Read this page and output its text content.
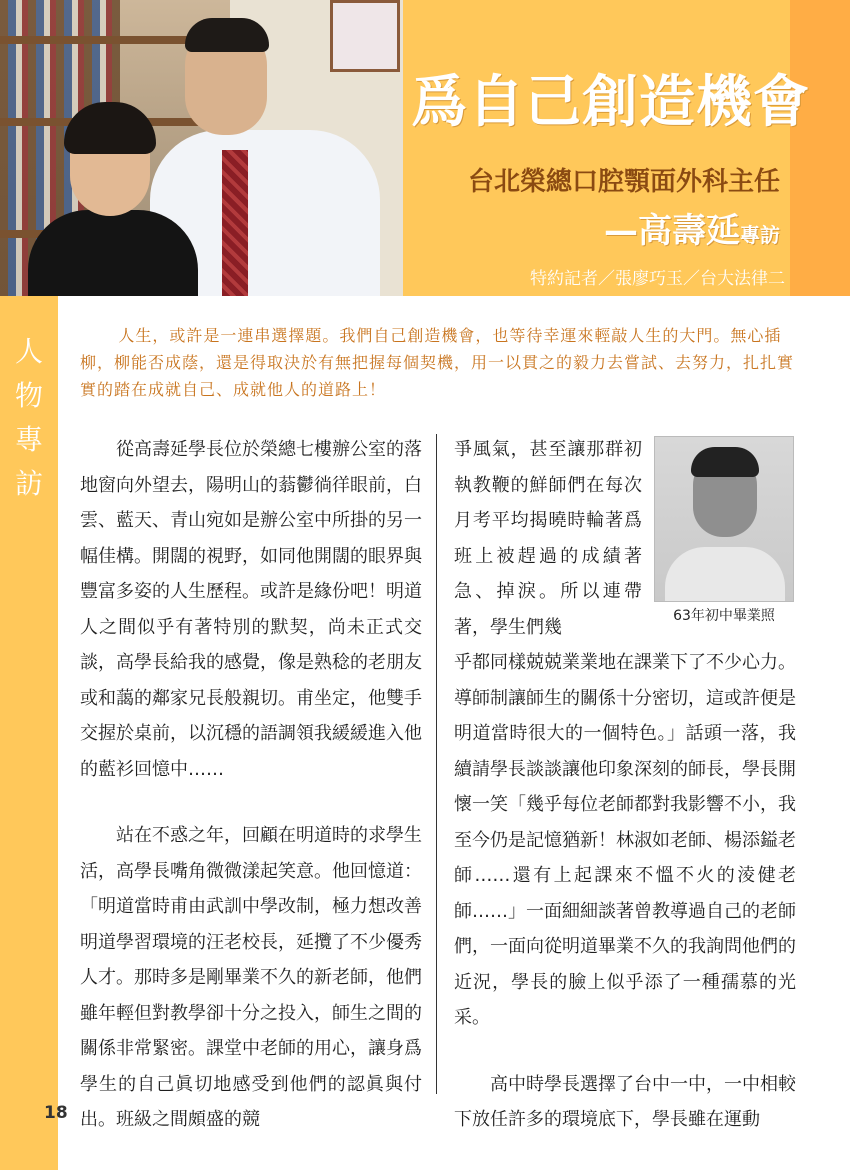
爲自己創造機會
台北榮總口腔顎面外科主任
—高壽延專訪
特約記者／張廖巧玉／台大法律二
人
物
專
訪
人生，或許是一連串選擇題。我們自己創造機會，也等待幸運來輕敲人生的大門。無心插柳，柳能否成蔭，還是得取決於有無把握每個契機，用一以貫之的毅力去嘗試、去努力，扎扎實實的踏在成就自己、成就他人的道路上！

從高壽延學長位於榮總七樓辦公室的落地窗向外望去，陽明山的蓊鬱徜徉眼前，白雲、藍天、青山宛如是辦公室中所掛的另一幅佳構。開闊的視野，如同他開闊的眼界與豐富多姿的人生歷程。或許是緣份吧！明道人之間似乎有著特別的默契，尚未正式交談，高學長給我的感覺，像是熟稔的老朋友或和藹的鄰家兄長般親切。甫坐定，他雙手交握於桌前，以沉穩的語調領我緩緩進入他的藍衫回憶中……

站在不惑之年，回顧在明道時的求學生活，高學長嘴角微微漾起笑意。他回憶道：「明道當時甫由武訓中學改制，極力想改善明道學習環境的汪老校長，延攬了不少優秀人才。那時多是剛畢業不久的新老師，他們雖年輕但對教學卻十分之投入，師生之間的關係非常緊密。課堂中老師的用心，讓身爲學生的自己眞切地感受到他們的認眞與付出。班級之間頗盛的競

爭風氣，甚至讓那群初執教鞭的鮮師們在每次月考平均揭曉時輪著爲班上被趕過的成績著急、掉淚。所以連帶著，學生們幾
63年初中畢業照

乎都同樣兢兢業業地在課業下了不少心力。導師制讓師生的關係十分密切，這或許便是明道當時很大的一個特色。」話頭一落，我續請學長談談讓他印象深刻的師長，學長開懷一笑「幾乎每位老師都對我影響不小，我至今仍是記憶猶新！林淑如老師、楊添鎰老師……還有上起課來不慍不火的淩健老師……」一面細細談著曾教導過自己的老師們，一面向從明道畢業不久的我詢問他們的近況，學長的臉上似乎添了一種孺慕的光采。

高中時學長選擇了台中一中，一中相較下放任許多的環境底下，學長雖在運動

18
